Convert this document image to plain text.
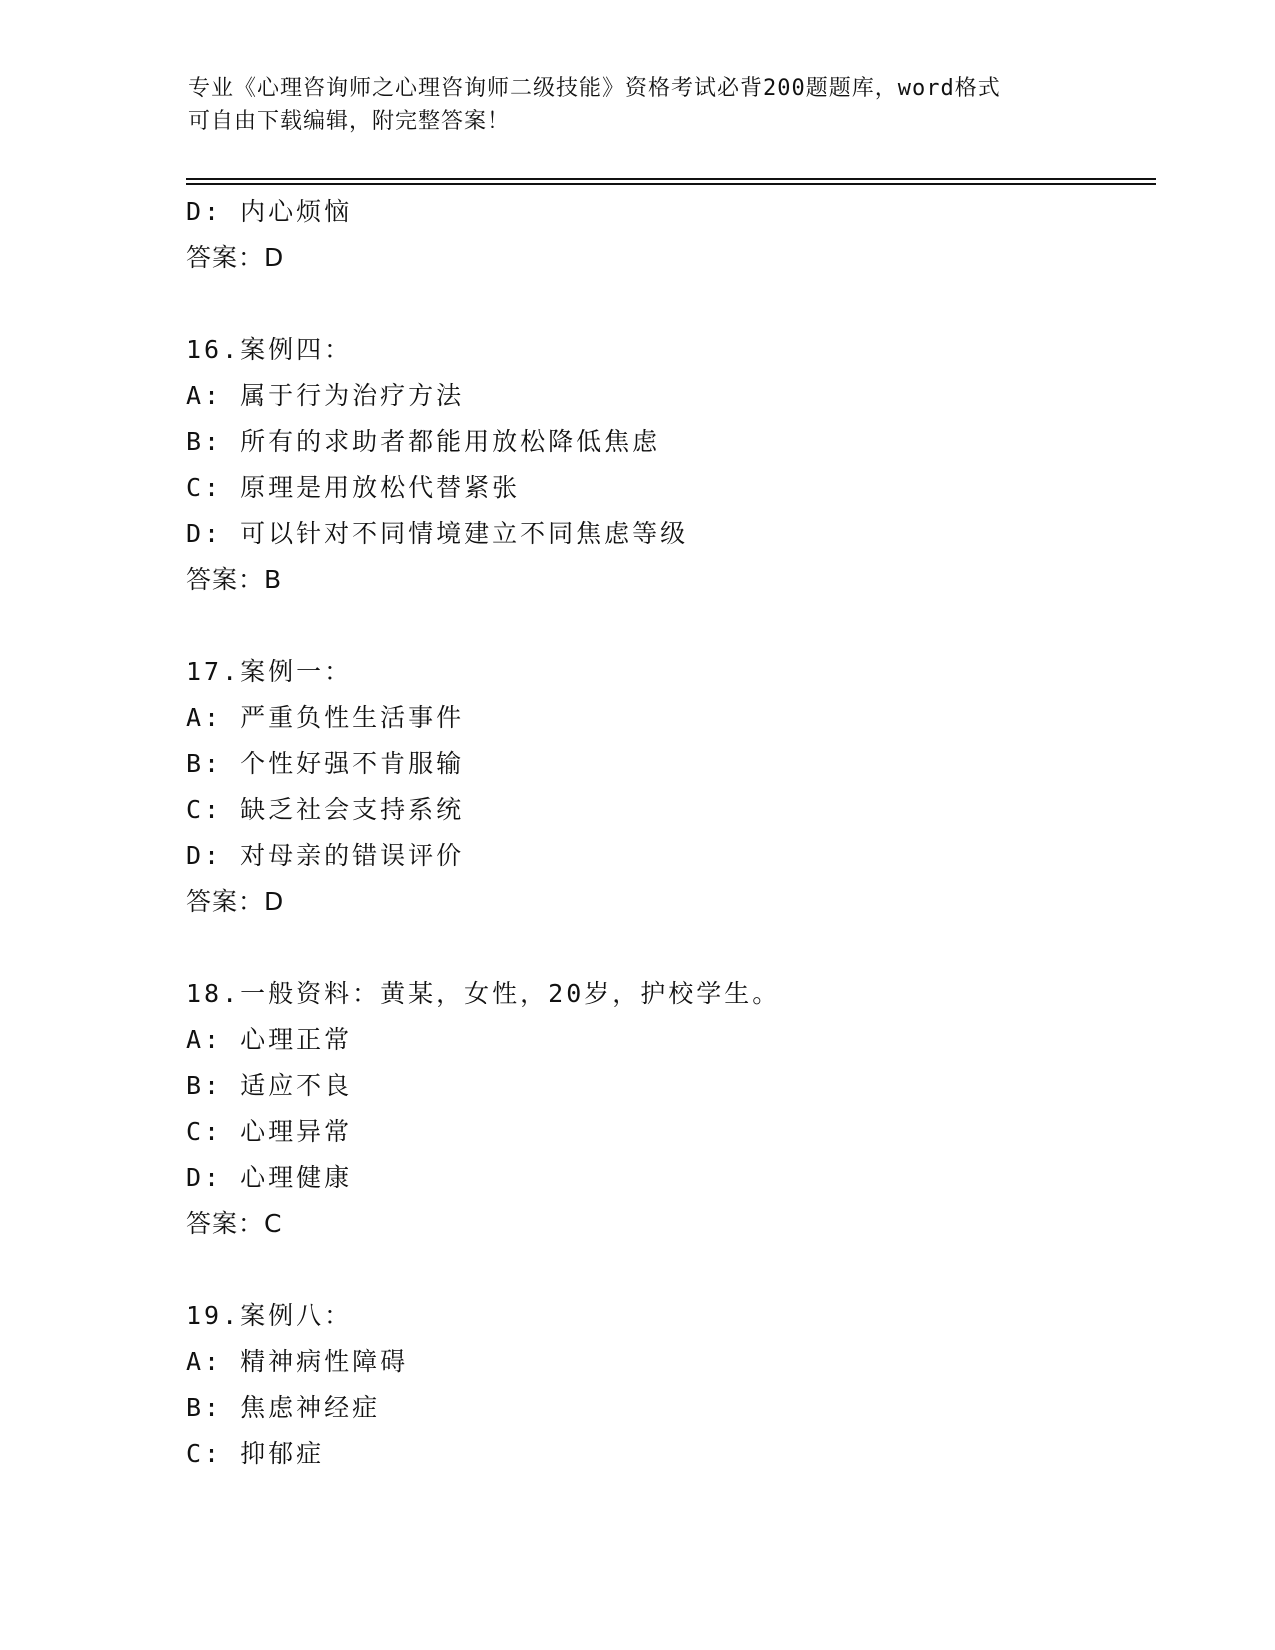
专业《心理咨询师之心理咨询师二级技能》资格考试必背200题题库，word格式
可自由下载编辑，附完整答案！
D: 内心烦恼
答案：D
16.案例四：
A: 属于行为治疗方法
B: 所有的求助者都能用放松降低焦虑
C: 原理是用放松代替紧张
D: 可以针对不同情境建立不同焦虑等级
答案：B
17.案例一：
A: 严重负性生活事件
B: 个性好强不肯服输
C: 缺乏社会支持系统
D: 对母亲的错误评价
答案：D
18.一般资料：黄某，女性，20岁，护校学生。
A: 心理正常
B: 适应不良
C: 心理异常
D: 心理健康
答案：C
19.案例八：
A: 精神病性障碍
B: 焦虑神经症
C: 抑郁症
